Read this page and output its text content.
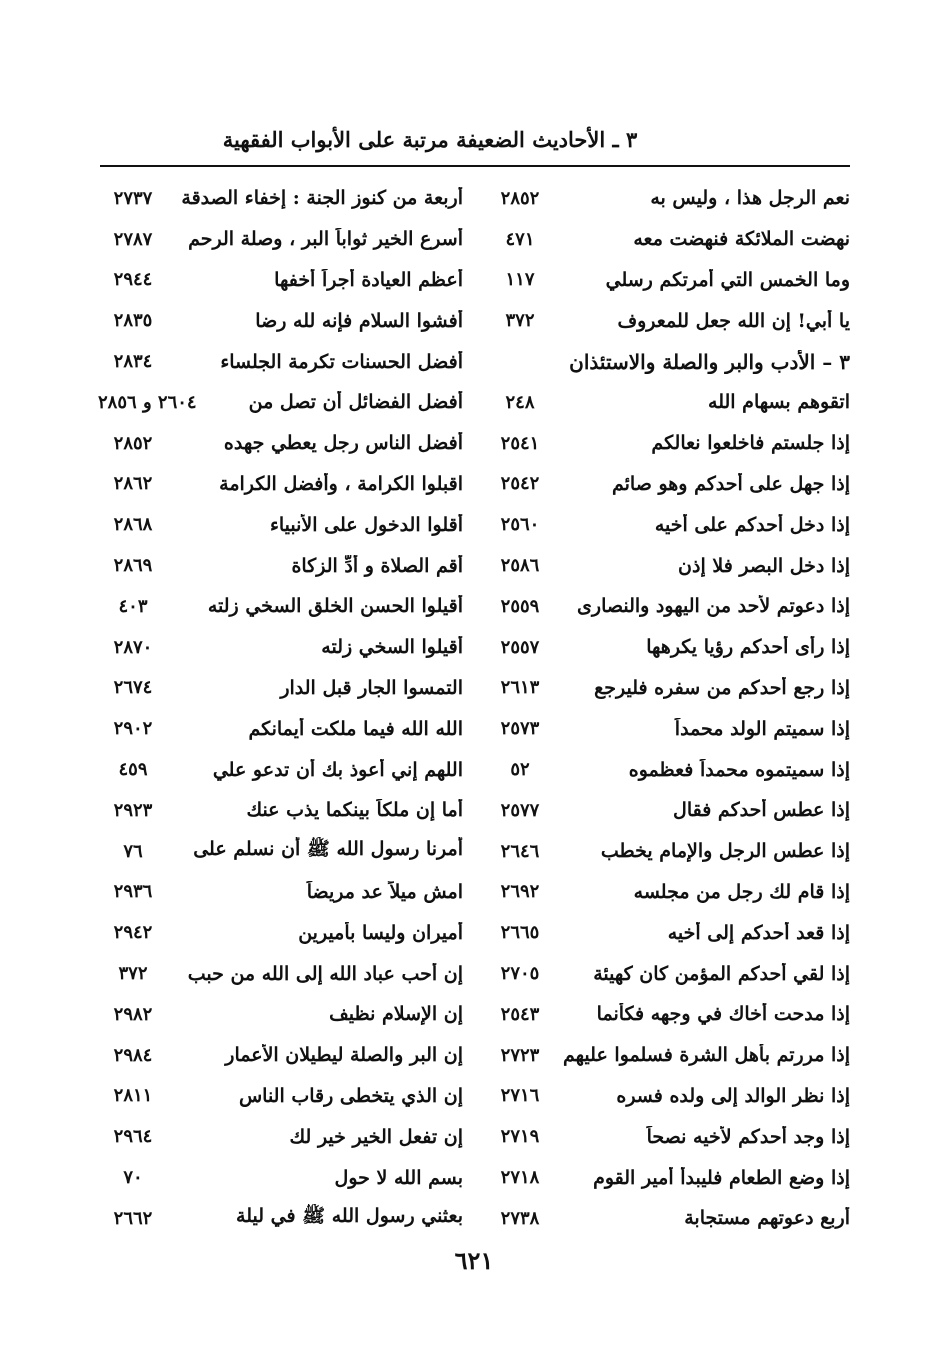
٣ ـ الأحاديث الضعيفة مرتبة على الأبواب الفقهية
نعم الرجل هذا ، وليس به
٢٨٥٢
نهضت الملائكة فنهضت معه
٤٧١
وما الخمس التي أمرتكم رسلي
١١٧
يا أبي! إن الله جعل للمعروف
٣٧٢
٣ – الأدب والبر والصلة والاستئذان
اتقوهم بسهام الله
٢٤٨
إذا جلستم فاخلعوا نعالكم
٢٥٤١
إذا جهل على أحدكم وهو صائم
٢٥٤٢
إذا دخل أحدكم على أخيه
٢٥٦٠
إذا دخل البصر فلا إذن
٢٥٨٦
إذا دعوتم لأحد من اليهود والنصارى
٢٥٥٩
إذا رأى أحدكم رؤيا يكرهها
٢٥٥٧
إذا رجع أحدكم من سفره فليرجع
٢٦١٣
إذا سميتم الولد محمداً
٢٥٧٣
إذا سميتموه محمداً فعظموه
٥٢
إذا عطس أحدكم فقال
٢٥٧٧
إذا عطس الرجل والإمام يخطب
٢٦٤٦
إذا قام لك رجل من مجلسه
٢٦٩٢
إذا قعد أحدكم إلى أخيه
٢٦٦٥
إذا لقي أحدكم المؤمن كان كهيئة
٢٧٠٥
إذا مدحت أخاك في وجهه فكأنما
٢٥٤٣
إذا مررتم بأهل الشرة فسلموا عليهم
٢٧٢٣
إذا نظر الوالد إلى ولده فسره
٢٧١٦
إذا وجد أحدكم لأخيه نصحاً
٢٧١٩
إذا وضع الطعام فليبدأ أمير القوم
٢٧١٨
أربع دعوتهم مستجابة
٢٧٣٨
أربعة من كنوز الجنة : إخفاء الصدقة
٢٧٣٧
أسرع الخير ثواباً البر ، وصلة الرحم
٢٧٨٧
أعظم العيادة أجراً أخفها
٢٩٤٤
أفشوا السلام فإنه لله رضا
٢٨٣٥
أفضل الحسنات تكرمة الجلساء
٢٨٣٤
أفضل الفضائل أن تصل من
٢٦٠٤ و ٢٨٥٦
أفضل الناس رجل يعطي جهده
٢٨٥٢
اقبلوا الكرامة ، وأفضل الكرامة
٢٨٦٢
أقلوا الدخول على الأنبياء
٢٨٦٨
أقم الصلاة و أدِّ الزكاة
٢٨٦٩
أقيلوا الحسن الخلق السخي زلته
٤٠٣
أقيلوا السخي زلته
٢٨٧٠
التمسوا الجار قبل الدار
٢٦٧٤
الله الله فيما ملكت أيمانكم
٢٩٠٢
اللهم إني أعوذ بك أن تدعو علي
٤٥٩
أما إن ملكاً بينكما يذب عنك
٢٩٢٣
أمرنا رسول الله ﷺ أن نسلم على
٧٦
امش ميلاً عد مريضاً
٢٩٣٦
أميران وليسا بأميرين
٢٩٤٢
إن أحب عباد الله إلى الله من حبب
٣٧٢
إن الإسلام نظيف
٢٩٨٢
إن البر والصلة ليطيلان الأعمار
٢٩٨٤
إن الذي يتخطى رقاب الناس
٢٨١١
إن تفعل الخير خير لك
٢٩٦٤
بسم الله لا حول
٧٠
بعثني رسول الله ﷺ في ليلة
٢٦٦٢
٦٢١
